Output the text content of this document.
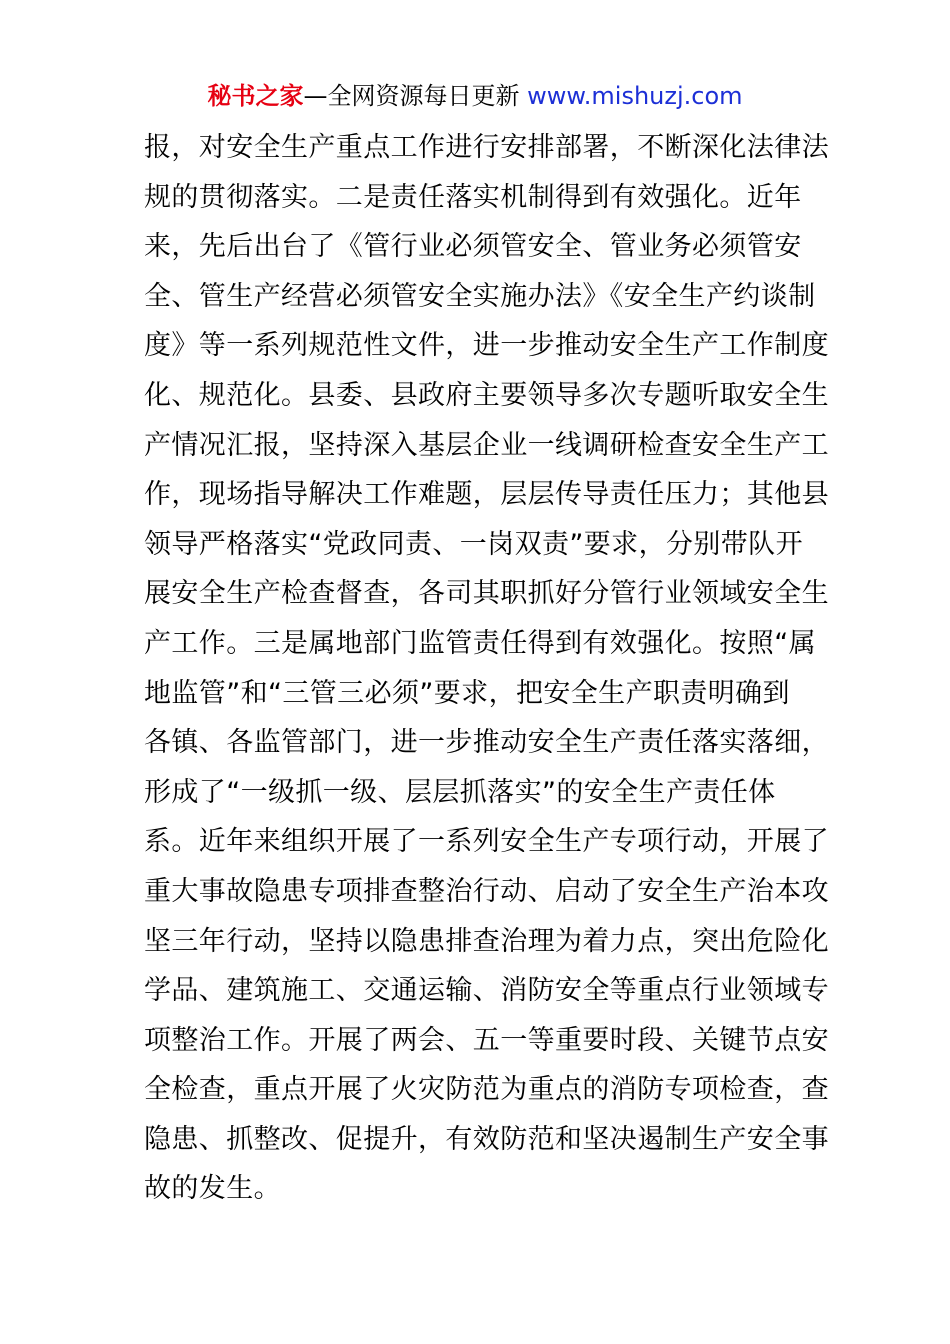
秘书之家—全网资源每日更新 www.mishuzj.com
报，对安全生产重点工作进行安排部署，不断深化法律法
规的贯彻落实。二是责任落实机制得到有效强化。近年
来，先后出台了《管行业必须管安全、管业务必须管安
全、管生产经营必须管安全实施办法》《安全生产约谈制
度》等一系列规范性文件，进一步推动安全生产工作制度
化、规范化。县委、县政府主要领导多次专题听取安全生
产情况汇报，坚持深入基层企业一线调研检查安全生产工
作，现场指导解决工作难题，层层传导责任压力；其他县
领导严格落实“党政同责、一岗双责”要求，分别带队开
展安全生产检查督查，各司其职抓好分管行业领域安全生
产工作。三是属地部门监管责任得到有效强化。按照“属
地监管”和“三管三必须”要求，把安全生产职责明确到
各镇、各监管部门，进一步推动安全生产责任落实落细，
形成了“一级抓一级、层层抓落实”的安全生产责任体
系。近年来组织开展了一系列安全生产专项行动，开展了
重大事故隐患专项排查整治行动、启动了安全生产治本攻
坚三年行动，坚持以隐患排查治理为着力点，突出危险化
学品、建筑施工、交通运输、消防安全等重点行业领域专
项整治工作。开展了两会、五一等重要时段、关键节点安
全检查，重点开展了火灾防范为重点的消防专项检查，查
隐患、抓整改、促提升，有效防范和坚决遏制生产安全事
故的发生。
